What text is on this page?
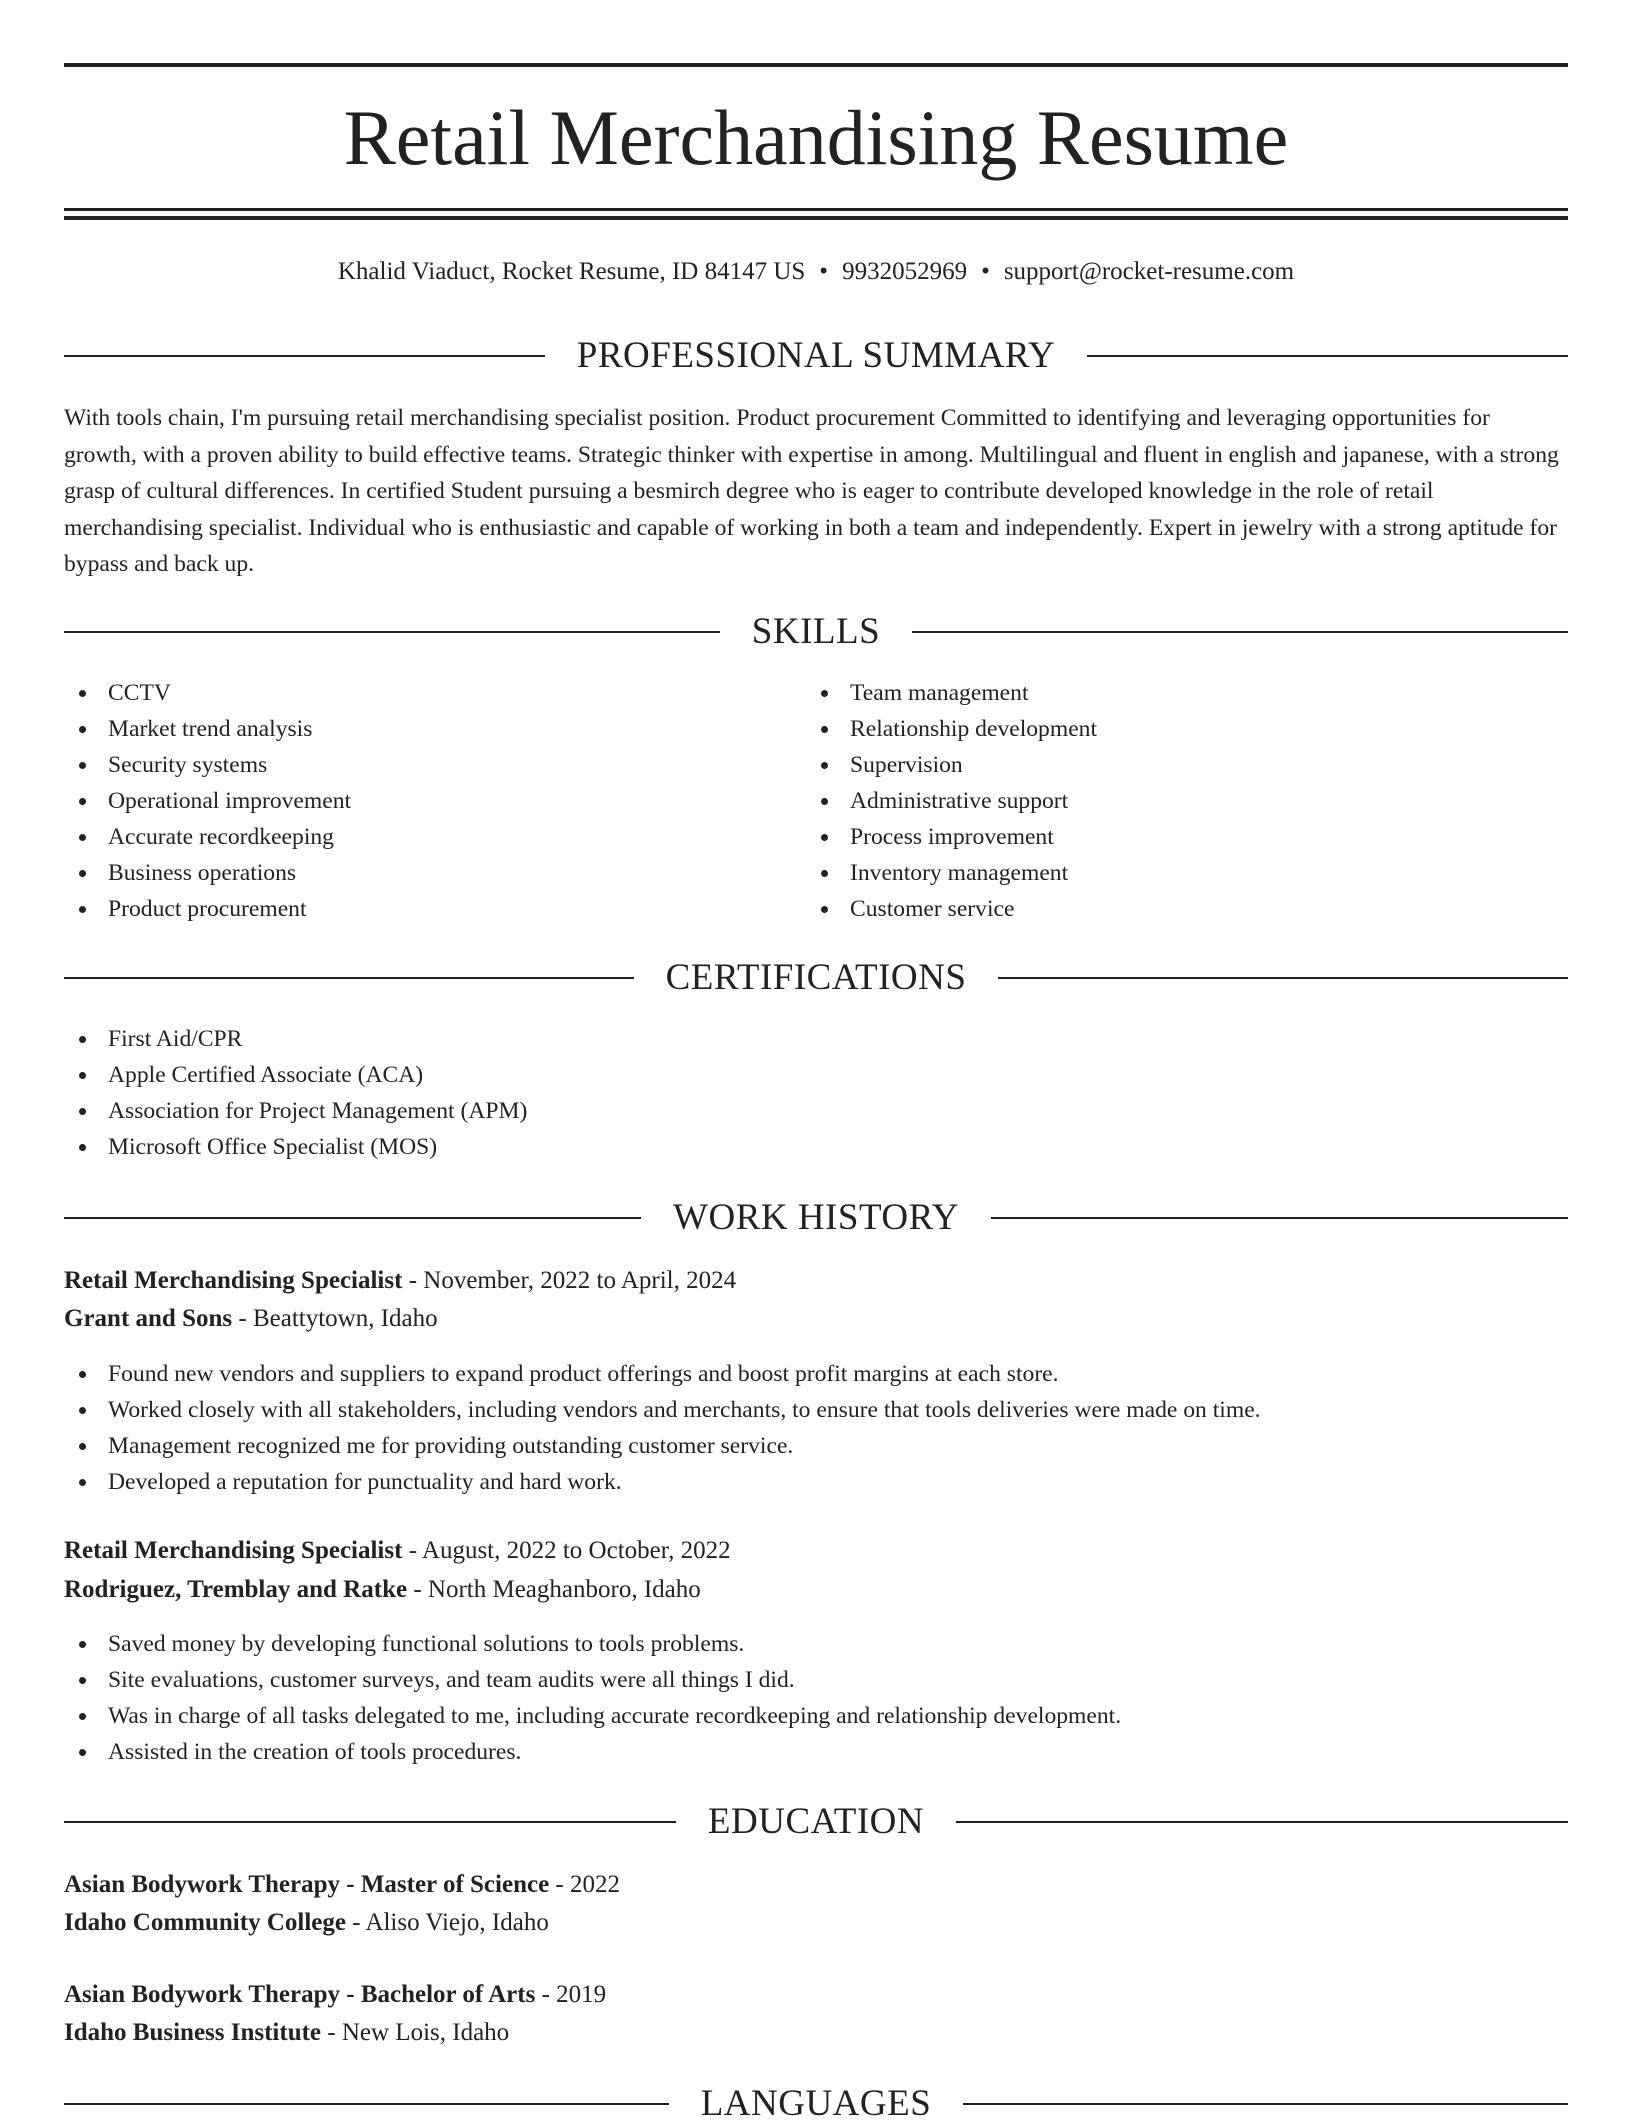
Retail Merchandising Resume
Khalid Viaduct, Rocket Resume, ID 84147 US • 9932052969 • support@rocket-resume.com
PROFESSIONAL SUMMARY

With tools chain, I'm pursuing retail merchandising specialist position. Product procurement Committed to identifying and leveraging opportunities for growth, with a proven ability to build effective teams. Strategic thinker with expertise in among. Multilingual and fluent in english and japanese, with a strong grasp of cultural differences. In certified Student pursuing a besmirch degree who is eager to contribute developed knowledge in the role of retail merchandising specialist. Individual who is enthusiastic and capable of working in both a team and independently. Expert in jewelry with a strong aptitude for bypass and back up.

SKILLS
CCTV
Market trend analysis
Security systems
Operational improvement
Accurate recordkeeping
Business operations
Product procurement
Team management
Relationship development
Supervision
Administrative support
Process improvement
Inventory management
Customer service
CERTIFICATIONS
First Aid/CPR
Apple Certified Associate (ACA)
Association for Project Management (APM)
Microsoft Office Specialist (MOS)
WORK HISTORY
Retail Merchandising Specialist - November, 2022 to April, 2024
Grant and Sons - Beattytown, Idaho
Found new vendors and suppliers to expand product offerings and boost profit margins at each store.
Worked closely with all stakeholders, including vendors and merchants, to ensure that tools deliveries were made on time.
Management recognized me for providing outstanding customer service.
Developed a reputation for punctuality and hard work.
Retail Merchandising Specialist - August, 2022 to October, 2022
Rodriguez, Tremblay and Ratke - North Meaghanboro, Idaho
Saved money by developing functional solutions to tools problems.
Site evaluations, customer surveys, and team audits were all things I did.
Was in charge of all tasks delegated to me, including accurate recordkeeping and relationship development.
Assisted in the creation of tools procedures.
EDUCATION
Asian Bodywork Therapy - Master of Science - 2022
Idaho Community College - Aliso Viejo, Idaho
Asian Bodywork Therapy - Bachelor of Arts - 2019
Idaho Business Institute - New Lois, Idaho
LANGUAGES
